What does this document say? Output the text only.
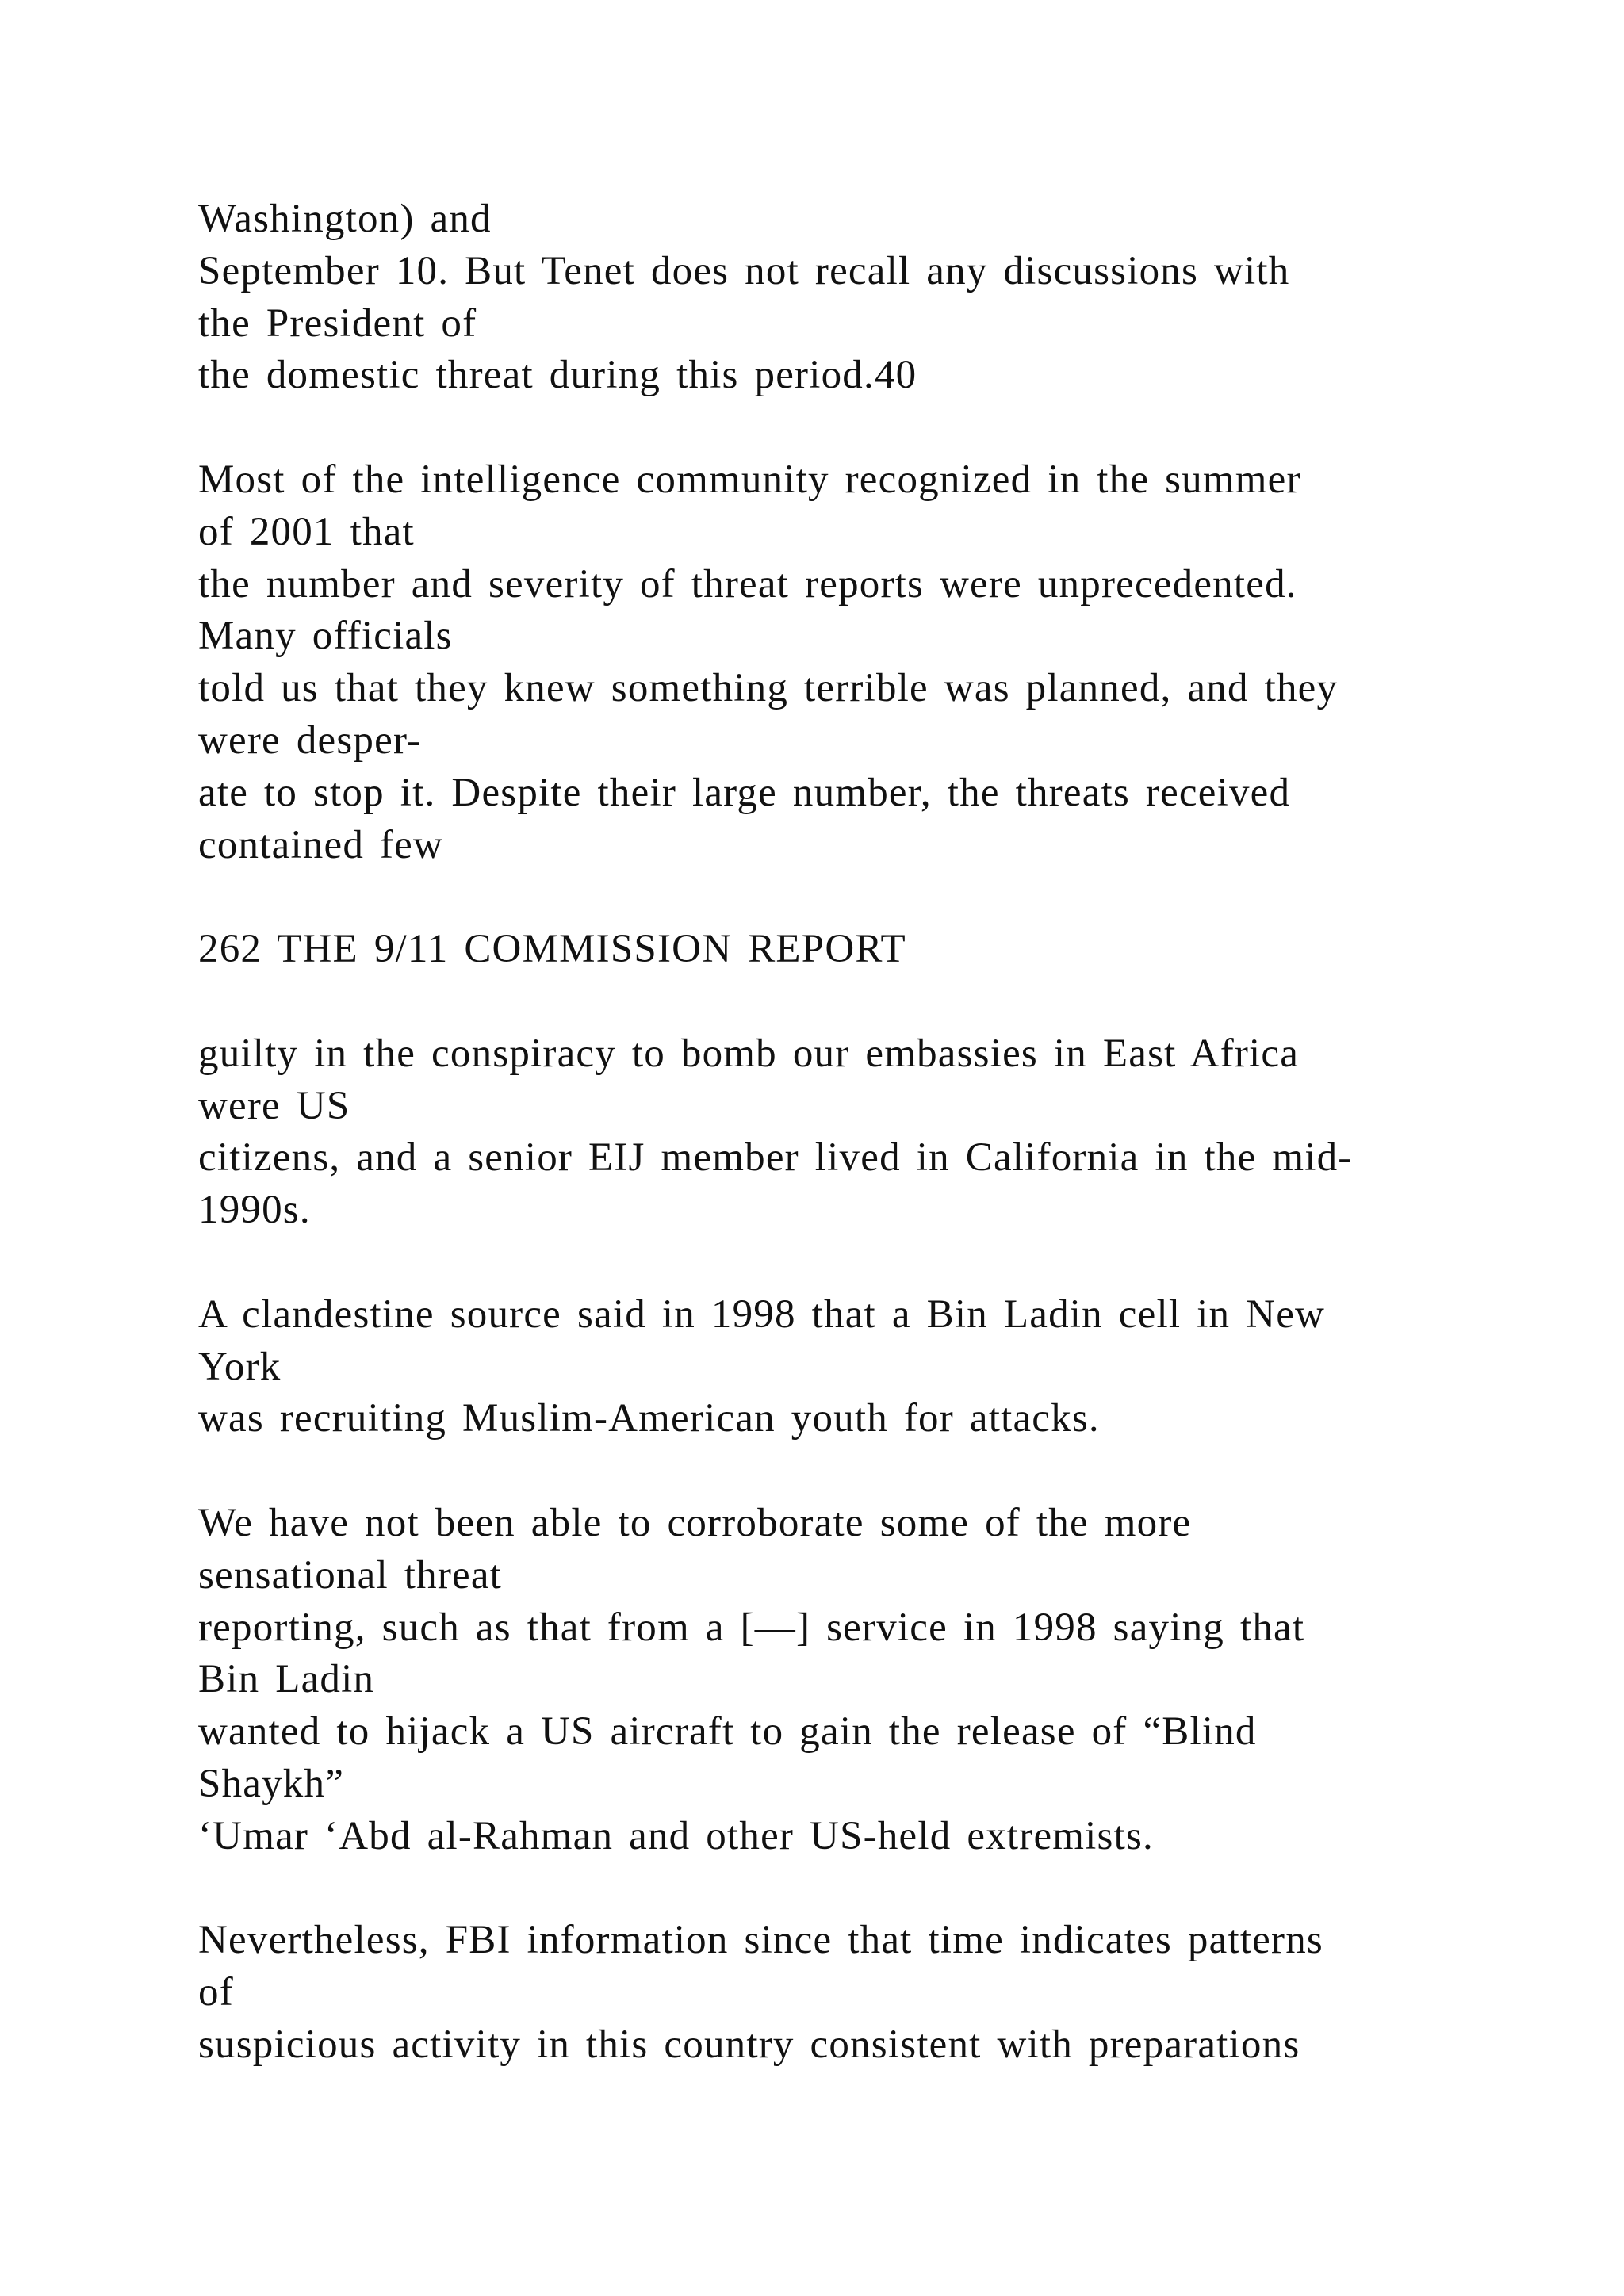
Washington) and
September 10. But Tenet does not recall any discussions with
the President of
the domestic threat during this period.40
Most of the intelligence community recognized in the summer
of 2001 that
the number and severity of threat reports were unprecedented.
Many officials
told us that they knew something terrible was planned, and they
were desper-
ate to stop it. Despite their large number, the threats received
contained few
262 THE 9/11 COMMISSION REPORT
guilty in the conspiracy to bomb our embassies in East Africa
were US
citizens, and a senior EIJ member lived in California in the mid-
1990s.
A clandestine source said in 1998 that a Bin Ladin cell in New
York
was recruiting Muslim-American youth for attacks.
We have not been able to corroborate some of the more
sensational threat
reporting, such as that from a [—] service in 1998 saying that
Bin Ladin
wanted to hijack a US aircraft to gain the release of “Blind
Shaykh”
‘Umar ‘Abd al-Rahman and other US-held extremists.
Nevertheless, FBI information since that time indicates patterns
of
suspicious activity in this country consistent with preparations
